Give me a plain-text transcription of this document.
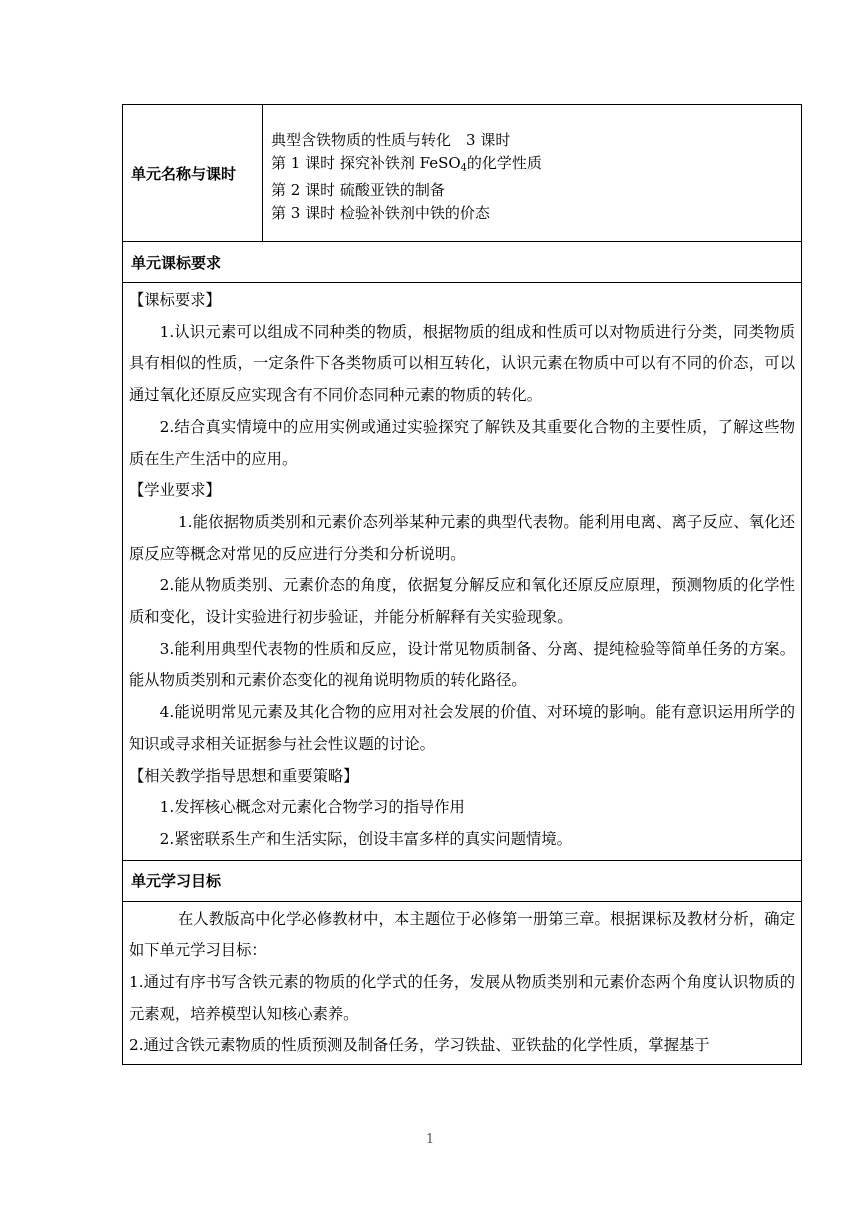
单元名称与课时
典型含铁物质的性质与转化　3 课时
第 1 课时 探究补铁剂 FeSO$_4$的化学性质
第 2 课时 硫酸亚铁的制备
第 3 课时 检验补铁剂中铁的价态
单元课标要求

【课标要求】

1.认识元素可以组成不同种类的物质，根据物质的组成和性质可以对物质进行分类，同类物质具有相似的性质，一定条件下各类物质可以相互转化，认识元素在物质中可以有不同的价态，可以通过氧化还原反应实现含有不同价态同种元素的物质的转化。

2.结合真实情境中的应用实例或通过实验探究了解铁及其重要化合物的主要性质，了解这些物质在生产生活中的应用。

【学业要求】

1.能依据物质类别和元素价态列举某种元素的典型代表物。能利用电离、离子反应、氧化还原反应等概念对常见的反应进行分类和分析说明。

2.能从物质类别、元素价态的角度，依据复分解反应和氧化还原反应原理，预测物质的化学性质和变化，设计实验进行初步验证，并能分析解释有关实验现象。

3.能利用典型代表物的性质和反应，设计常见物质制备、分离、提纯检验等简单任务的方案。能从物质类别和元素价态变化的视角说明物质的转化路径。

4.能说明常见元素及其化合物的应用对社会发展的价值、对环境的影响。能有意识运用所学的知识或寻求相关证据参与社会性议题的讨论。

【相关教学指导思想和重要策略】

1.发挥核心概念对元素化合物学习的指导作用

2.紧密联系生产和生活实际，创设丰富多样的真实问题情境。

单元学习目标

在人教版高中化学必修教材中，本主题位于必修第一册第三章。根据课标及教材分析，确定如下单元学习目标：

1.通过有序书写含铁元素的物质的化学式的任务，发展从物质类别和元素价态两个角度认识物质的元素观，培养模型认知核心素养。

2.通过含铁元素物质的性质预测及制备任务，学习铁盐、亚铁盐的化学性质，掌握基于

1
